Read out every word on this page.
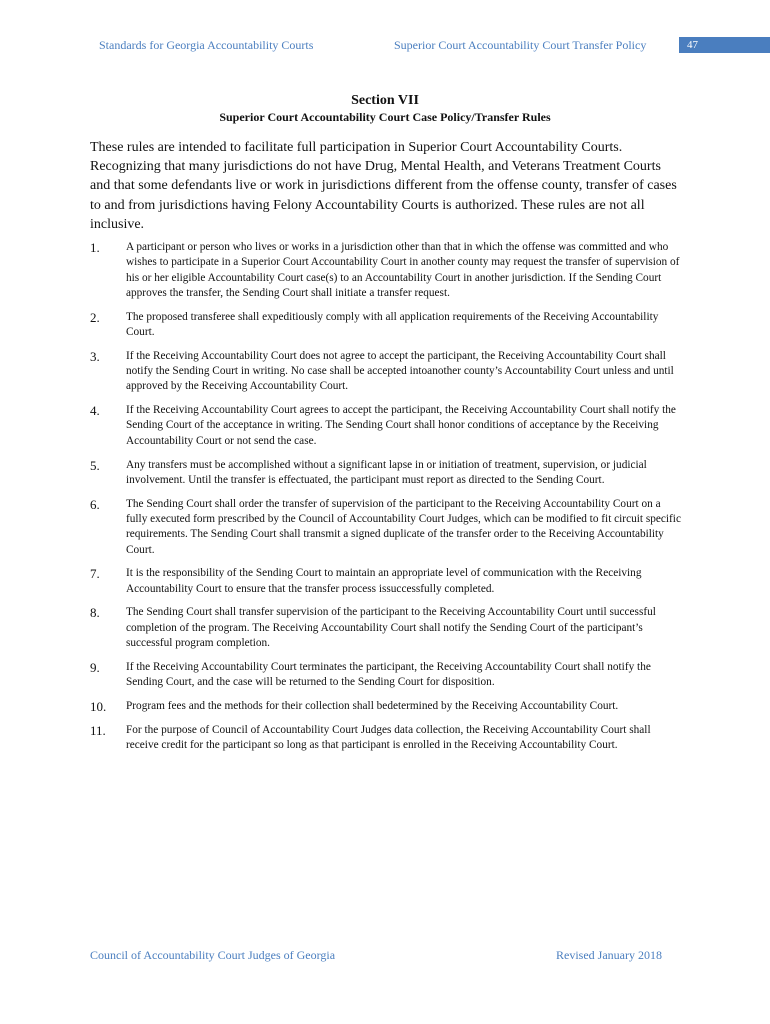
Standards for Georgia Accountability Courts	Superior Court Accountability Court Transfer Policy	47
Section VII
Superior Court Accountability Court Case Policy/Transfer Rules

These rules are intended to facilitate full participation in Superior Court Accountability Courts. Recognizing that many jurisdictions do not have Drug, Mental Health, and Veterans Treatment Courts and that some defendants live or work in jurisdictions different from the offense county, transfer of cases to and from jurisdictions having Felony Accountability Courts is authorized. These rules are not all inclusive.

1.	A participant or person who lives or works in a jurisdiction other than that in which the offense was committed and who wishes to participate in a Superior Court Accountability Court in another county may request the transfer of supervision of his or her eligible Accountability Court case(s) to an Accountability Court in another jurisdiction. If the Sending Court approves the transfer, the Sending Court shall initiate a transfer request.
2.	The proposed transferee shall expeditiously comply with all application requirements of the Receiving Accountability Court.
3.	If the Receiving Accountability Court does not agree to accept the participant, the Receiving Accountability Court shall notify the Sending Court in writing. No case shall be accepted intoanother county’s Accountability Court unless and until approved by the Receiving Accountability Court.
4.	If the Receiving Accountability Court agrees to accept the participant, the Receiving Accountability Court shall notify the Sending Court of the acceptance in writing. The Sending Court shall honor conditions of acceptance by the Receiving Accountability Court or not send the case.
5.	Any transfers must be accomplished without a significant lapse in or initiation of treatment, supervision, or judicial involvement. Until the transfer is effectuated, the participant must report as directed to the Sending Court.
6.	The Sending Court shall order the transfer of supervision of the participant to the Receiving Accountability Court on a fully executed form prescribed by the Council of Accountability Court Judges, which can be modified to fit circuit specific requirements. The Sending Court shall transmit a signed duplicate of the transfer order to the Receiving Accountability Court.
7.	It is the responsibility of the Sending Court to maintain an appropriate level of communication with the Receiving Accountability Court to ensure that the transfer process issuccessfully completed.
8.	The Sending Court shall transfer supervision of the participant to the Receiving Accountability Court until successful completion of the program. The Receiving Accountability Court shall notify the Sending Court of the participant’s successful program completion.
9.	If the Receiving Accountability Court terminates the participant, the Receiving Accountability Court shall notify the Sending Court, and the case will be returned to the Sending Court for disposition.
10.	Program fees and the methods for their collection shall bedetermined by the Receiving Accountability Court.
11.	For the purpose of Council of Accountability Court Judges data collection, the Receiving Accountability Court shall receive credit for the participant so long as that participant is enrolled in the Receiving Accountability Court.
Council of Accountability Court Judges of Georgia	Revised January 2018
